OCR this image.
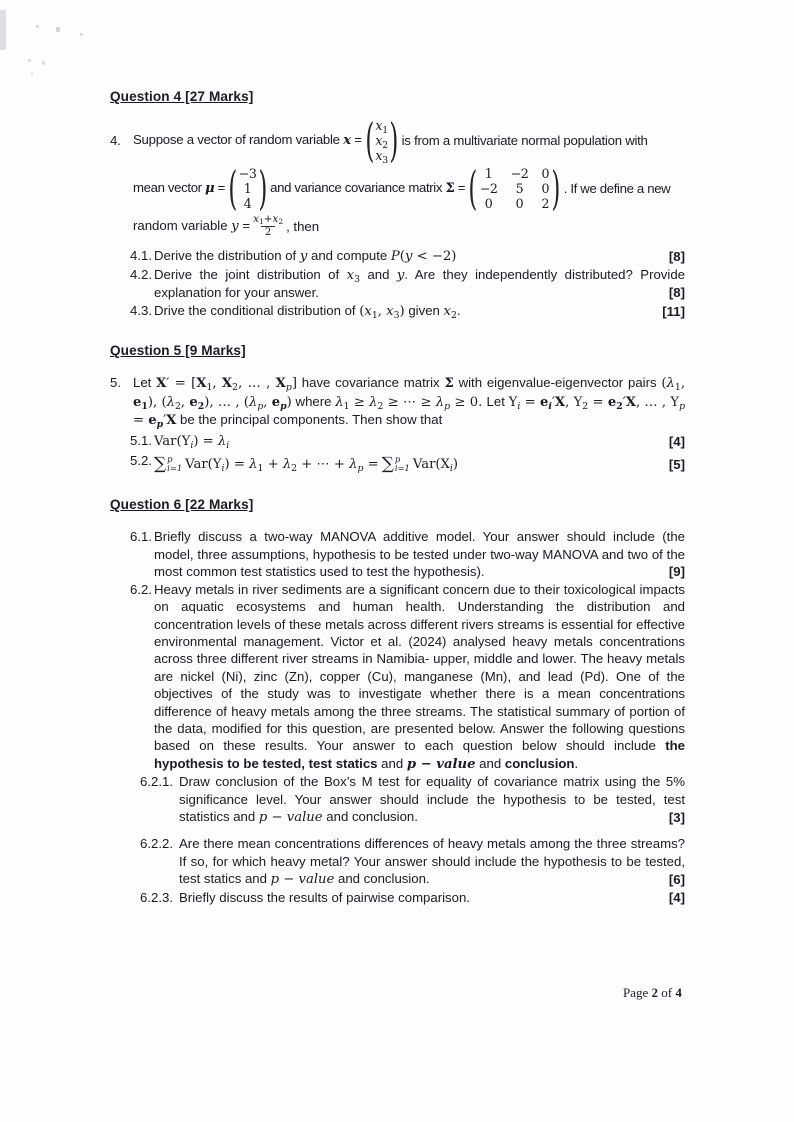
Question 4 [27 Marks]
4. Suppose a vector of random variable x = ( $x_1$
$x_2$
$x_3$ ) is from a multivariate normal population with
mean vector μ = ( −3
1
4 ) and variance covariance matrix Σ = ( 1 −2 0
−2 5 0
0 0 2 ) . If we define a new
random variable $y = \frac{x1+x2}{2}$ , then
4.1. Derive the distribution of y and compute P(y < −2)	[8]
4.2. Derive the joint distribution of $x_3$ and y. Are they independently distributed? Provide explanation for your answer.	[8]
4.3. Drive the conditional distribution of ($x_1$, $x_3$) given $x_2$.	[11]
Question 5 [9 Marks]
5. Let $X' = [X_1$, $X_2$, … , $X_p$] have covariance matrix Σ with eigenvalue-eigenvector pairs ($\lambda_1$, $e_1$), ($\lambda_2$, $e_2$), … , ($\lambda_p$, $e_p$) where $\lambda_1 \ge \lambda_2$ ≥ ⋯ ≥ $\lambda_p \ge 0$. Let $Y_i = e_i'X$, $Y_2 = e_2'X$, … , $Y_p = e_p'X$ be the principal components. Then show that
5.1. $Var(Y_i) = \lambda_i$	[4]
5.2. ∑ p
i=1 $Var(Y_i) = \lambda_1 + \lambda_2$ + ⋯ + $\lambda_p$ = ∑ p
i=1 $Var(X_i)$	[5]
Question 6 [22 Marks]
6.1. Briefly discuss a two-way MANOVA additive model. Your answer should include (the model, three assumptions, hypothesis to be tested under two-way MANOVA and two of the most common test statistics used to test the hypothesis).	[9]
6.2. Heavy metals in river sediments are a significant concern due to their toxicological impacts on aquatic ecosystems and human health. Understanding the distribution and concentration levels of these metals across different rivers streams is essential for effective environmental management. Victor et al. (2024) analysed heavy metals concentrations across three different river streams in Namibia- upper, middle and lower. The heavy metals are nickel (Ni), zinc (Zn), copper (Cu), manganese (Mn), and lead (Pd). One of the objectives of the study was to investigate whether there is a mean concentrations difference of heavy metals among the three streams. The statistical summary of portion of the data, modified for this question, are presented below. Answer the following questions based on these results. Your answer to each question below should include the hypothesis to be tested, test statics and p − value and conclusion.
6.2.1. Draw conclusion of the Box’s M test for equality of covariance matrix using the 5% significance level. Your answer should include the hypothesis to be tested, test statistics and p − value and conclusion.	[3]
6.2.2. Are there mean concentrations differences of heavy metals among the three streams? If so, for which heavy metal? Your answer should include the hypothesis to be tested, test statics and p − value and conclusion.	[6]
6.2.3. Briefly discuss the results of pairwise comparison.	[4]
Page 2 of 4
